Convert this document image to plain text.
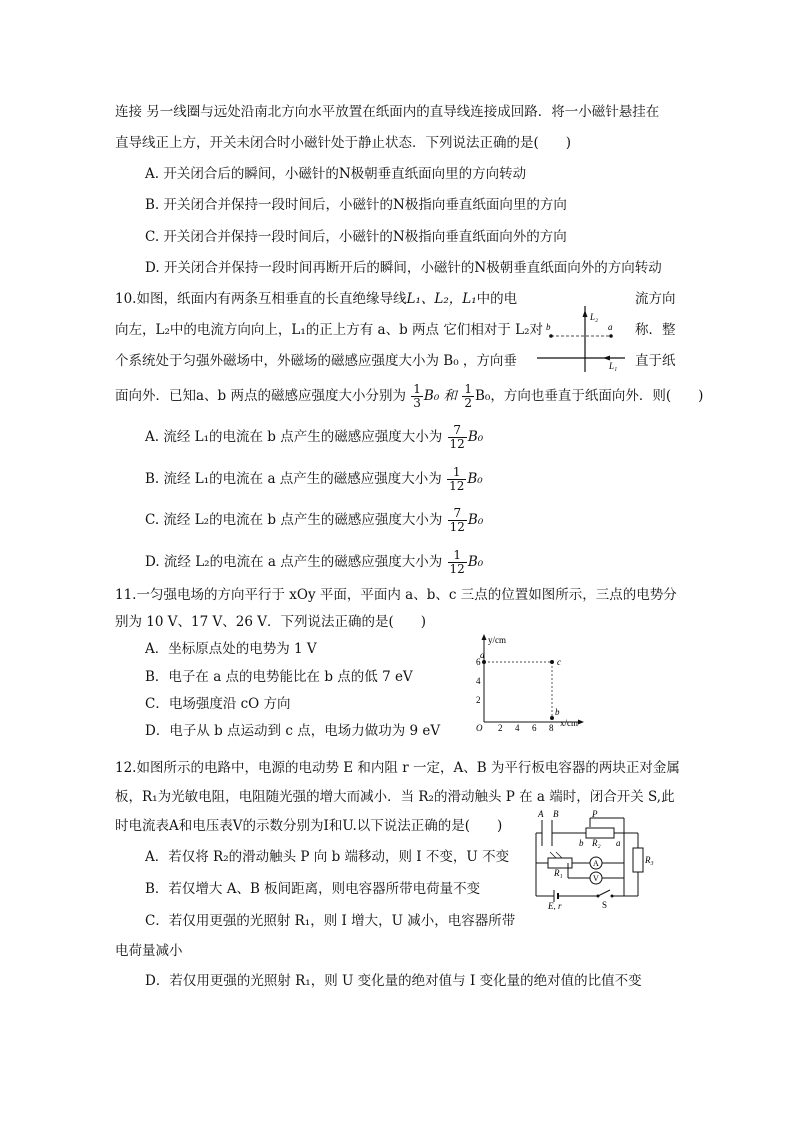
连接 另一线圈与远处沿南北方向水平放置在纸面内的直导线连接成回路．将一小磁针悬挂在
直导线正上方，开关未闭合时小磁针处于静止状态．下列说法正确的是(　　)
A. 开关闭合后的瞬间，小磁针的N极朝垂直纸面向里的方向转动
B. 开关闭合并保持一段时间后，小磁针的N极指向垂直纸面向里的方向
C. 开关闭合并保持一段时间后，小磁针的N极指向垂直纸面向外的方向
D. 开关闭合并保持一段时间再断开后的瞬间，小磁针的N极朝垂直纸面向外的方向转动
10.如图，纸面内有两条互相垂直的长直绝缘导线L₁、L₂，L₁中的电	流方向
向左，L₂中的电流方向向上，L₁的正上方有 a、b 两点 它们相对于 L₂对	称．整
个系统处于匀强外磁场中，外磁场的磁感应强度大小为 B₀ ，方向垂	直于纸
面向外．已知a、b 两点的磁感应强度大小分别为 $\frac{1}{3} B_0$ 和 $\frac{1}{2} B_0$，方向也垂直于纸面向外．则(　　)
A. 流经 L₁的电流在 b 点产生的磁感应强度大小为 $\frac{7}{12} B_0$
B. 流经 L₁的电流在 a 点产生的磁感应强度大小为 $\frac{1}{12} B_0$
C. 流经 L₂的电流在 b 点产生的磁感应强度大小为 $\frac{7}{12} B_0$
D. 流经 L₂的电流在 a 点产生的磁感应强度大小为 $\frac{1}{12} B_0$
L₂
b	a
L₁
11.一匀强电场的方向平行于 xOy 平面，平面内 a、b、c 三点的位置如图所示，三点的电势分
别为 10 V、17 V、26 V．下列说法正确的是(　　)
A．坐标原点处的电势为 1 V
B．电子在 a 点的电势能比在 b 点的低 7 eV
C．电场强度沿 cO 方向
D．电子从 b 点运动到 c 点，电场力做功为 9 eV
y/cm
x/cm
O
6
4
2
2 4 6 8
a
c
b
12.如图所示的电路中，电源的电动势 E 和内阻 r 一定，A、B 为平行板电容器的两块正对金属
板，R₁为光敏电阻，电阻随光强的增大而减小．当 R₂的滑动触头 P 在 a 端时，闭合开关 S,此
时电流表A和电压表V的示数分别为I和U.以下说法正确的是(　　)
A．若仅将 R₂的滑动触头 P 向 b 端移动，则 I 不变，U 不变
B．若仅增大 A、B 板间距离，则电容器所带电荷量不变
C．若仅用更强的光照射 R₁，则 I 增大，U 减小，电容器所带
电荷量减小
D．若仅用更强的光照射 R₁，则 U 变化量的绝对值与 I 变化量的绝对值的比值不变
A B	P
b R₂ a
R₃
R₁
A
V
E, r	S
